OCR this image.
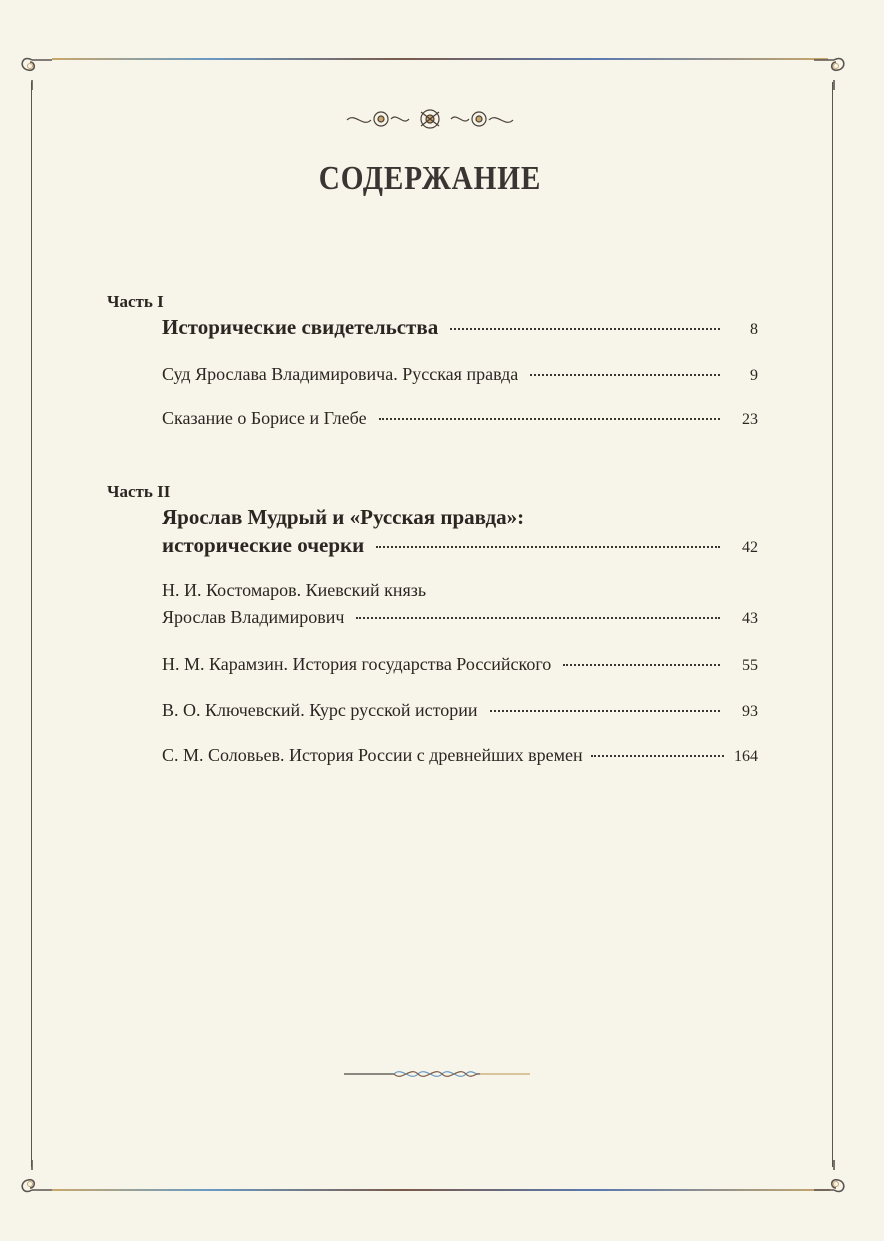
СОДЕРЖАНИЕ
Часть I
Исторические свидетельства	8
Суд Ярослава Владимировича. Русская правда	9
Сказание о Борисе и Глебе	23
Часть II
Ярослав Мудрый и «Русская правда»:
исторические очерки	42
Н. И. Костомаров. Киевский князь
Ярослав Владимирович	43
Н. М. Карамзин. История государства Российского	55
В. О. Ключевский. Курс русской истории	93
С. М. Соловьев. История России с древнейших времен	164
